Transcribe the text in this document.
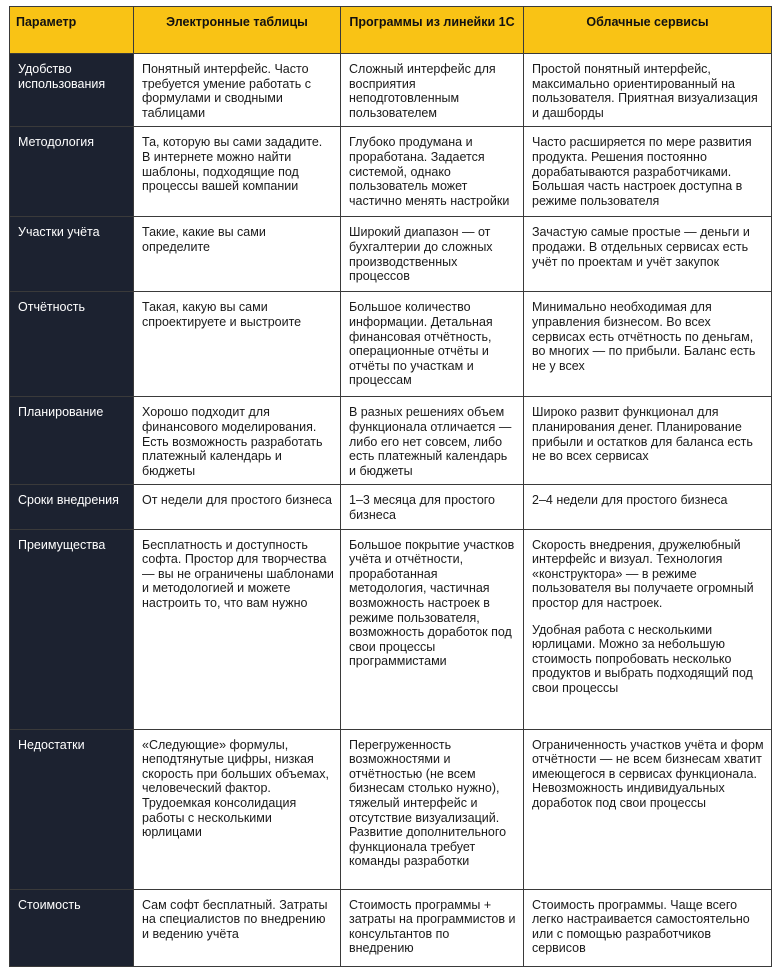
Параметр	Электронные таблицы	Программы из линейки 1С	Облачные сервисы
Удобство использования	Понятный интерфейс. Часто требуется умение работать с формулами и сводными таблицами	Сложный интерфейс для восприятия неподготовленным пользователем	Простой понятный интерфейс, максимально ориентированный на пользователя. Приятная визуализация и дашборды
Методология	Та, которую вы сами зададите. В интернете можно найти шаблоны, подходящие под процессы вашей компании	Глубоко продумана и проработана. Задается системой, однако пользователь может частично менять настройки	Часто расширяется по мере развития продукта. Решения постоянно дорабатываются разработчиками. Большая часть настроек доступна в режиме пользователя
Участки учёта	Такие, какие вы сами определите	Широкий диапазон — от бухгалтерии до сложных производственных процессов	Зачастую самые простые — деньги и продажи. В отдельных сервисах есть учёт по проектам и учёт закупок
Отчётность	Такая, какую вы сами спроектируете и выстроите	Большое количество информации. Детальная финансовая отчётность, операционные отчёты и отчёты по участкам и процессам	Минимально необходимая для управления бизнесом. Во всех сервисах есть отчётность по деньгам, во многих — по прибыли. Баланс есть не у всех
Планирование	Хорошо подходит для финансового моделирования. Есть возможность разработать платежный календарь и бюджеты	В разных решениях объем функционала отличается — либо его нет совсем, либо есть платежный календарь и бюджеты	Широко развит функционал для планирования денег. Планирование прибыли и остатков для баланса есть не во всех сервисах
Сроки внедрения	От недели для простого бизнеса	1–3 месяца для простого бизнеса	2–4 недели для простого бизнеса
Преимущества	Бесплатность и доступность софта. Простор для творчества — вы не ограничены шаблонами и методологией и можете настроить то, что вам нужно	Большое покрытие участков учёта и отчётности, проработанная методология, частичная возможность настроек в режиме пользователя, возможность доработок под свои процессы программистами	Скорость внедрения, дружелюбный интерфейс и визуал. Технология «конструктора» — в режиме пользователя вы получаете огромный простор для настроек.
Удобная работа с несколькими юрлицами. Можно за небольшую стоимость попробовать несколько продуктов и выбрать подходящий под свои процессы

Недостатки	«Следующие» формулы, неподтянутые цифры, низкая скорость при больших объемах, человеческий фактор. Трудоемкая консолидация работы с несколькими юрлицами	Перегруженность возможностями и отчётностью (не всем бизнесам столько нужно), тяжелый интерфейс и отсутствие визуализаций. Развитие дополнительного функционала требует команды разработки	Ограниченность участков учёта и форм отчётности — не всем бизнесам хватит имеющегося в сервисах функционала. Невозможность индивидуальных доработок под свои процессы
Стоимость	Сам софт бесплатный. Затраты на специалистов по внедрению и ведению учёта	Стоимость программы + затраты на программистов и консультантов по внедрению	Стоимость программы. Чаще всего легко настраивается самостоятельно или с помощью разработчиков сервисов
